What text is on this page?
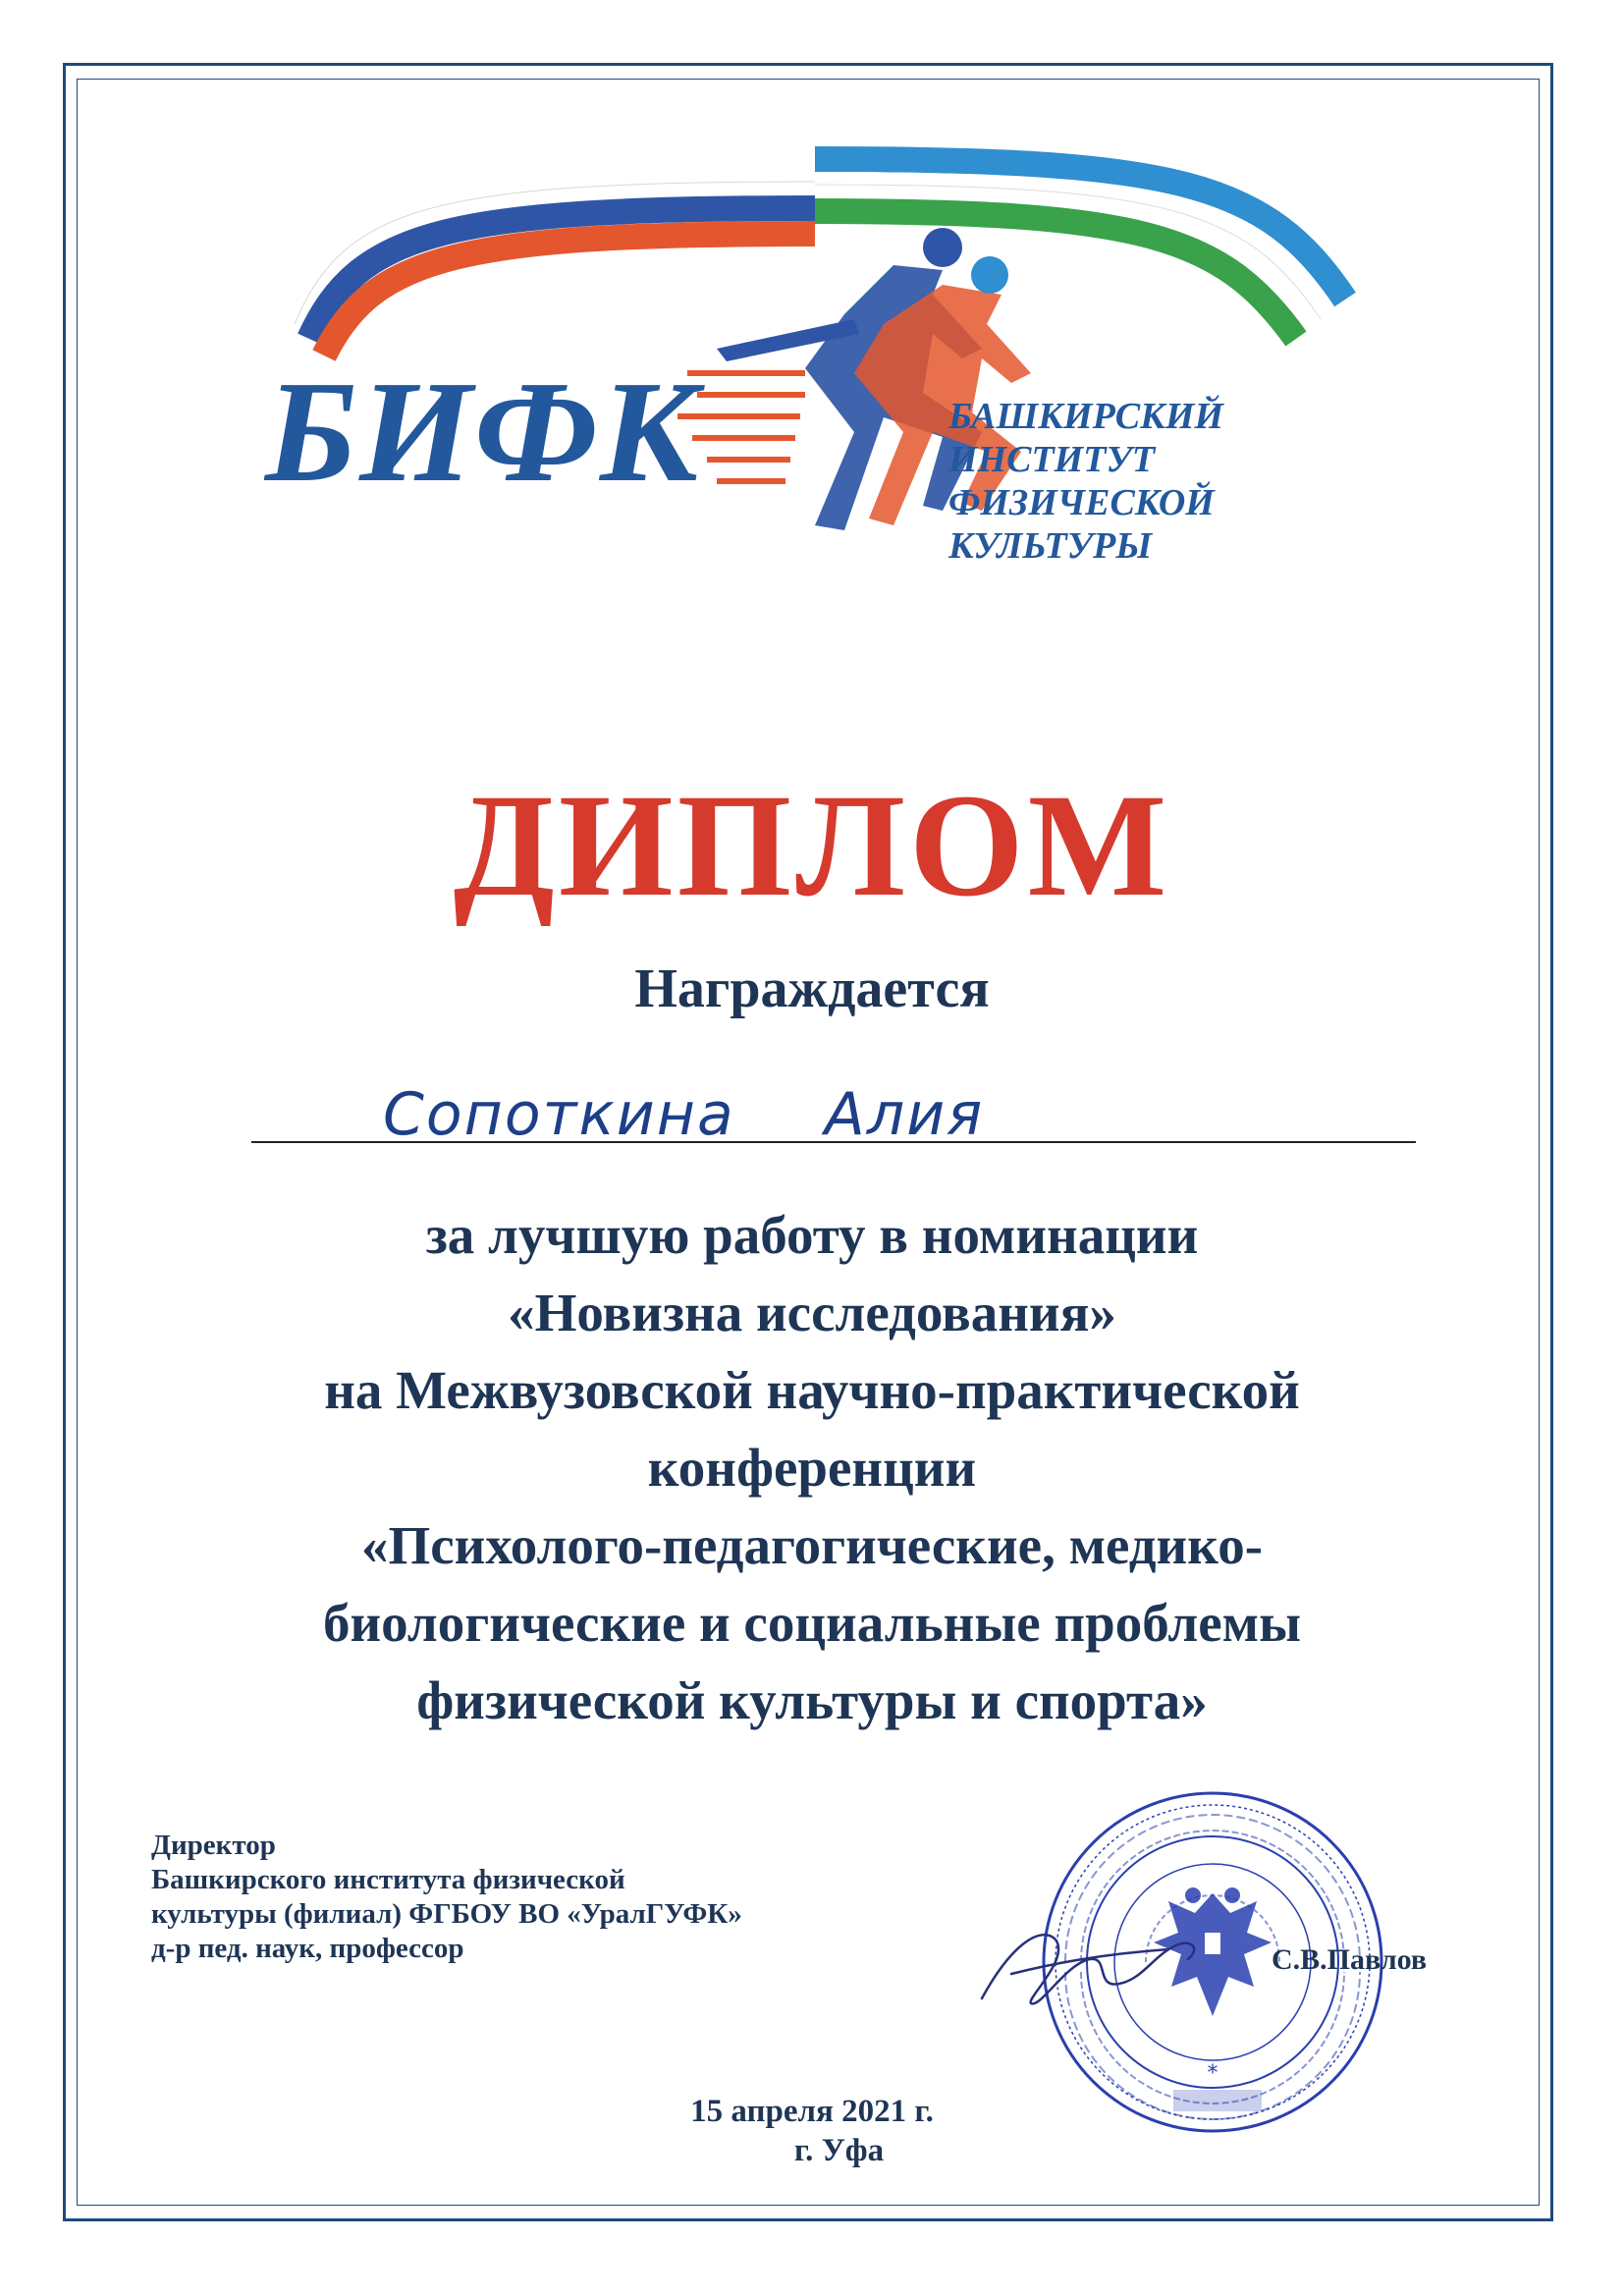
БИФК	БАШКИРСКИЙ ИНСТИТУТ
ФИЗИЧЕСКОЙ КУЛЬТУРЫ
ДИПЛОМ
Награждается
Сопоткина Алия
за лучшую работу в номинации
«Новизна исследования»
на Межвузовской научно-практической
конференции
«Психолого-педагогические, медико-
биологические и социальные проблемы
физической культуры и спорта»
Директор
Башкирского института физической
культуры (филиал) ФГБОУ ВО «УралГУФК»
д-р пед. наук, профессор
*
С.В.Павлов
15 апреля 2021 г.
г. Уфа
